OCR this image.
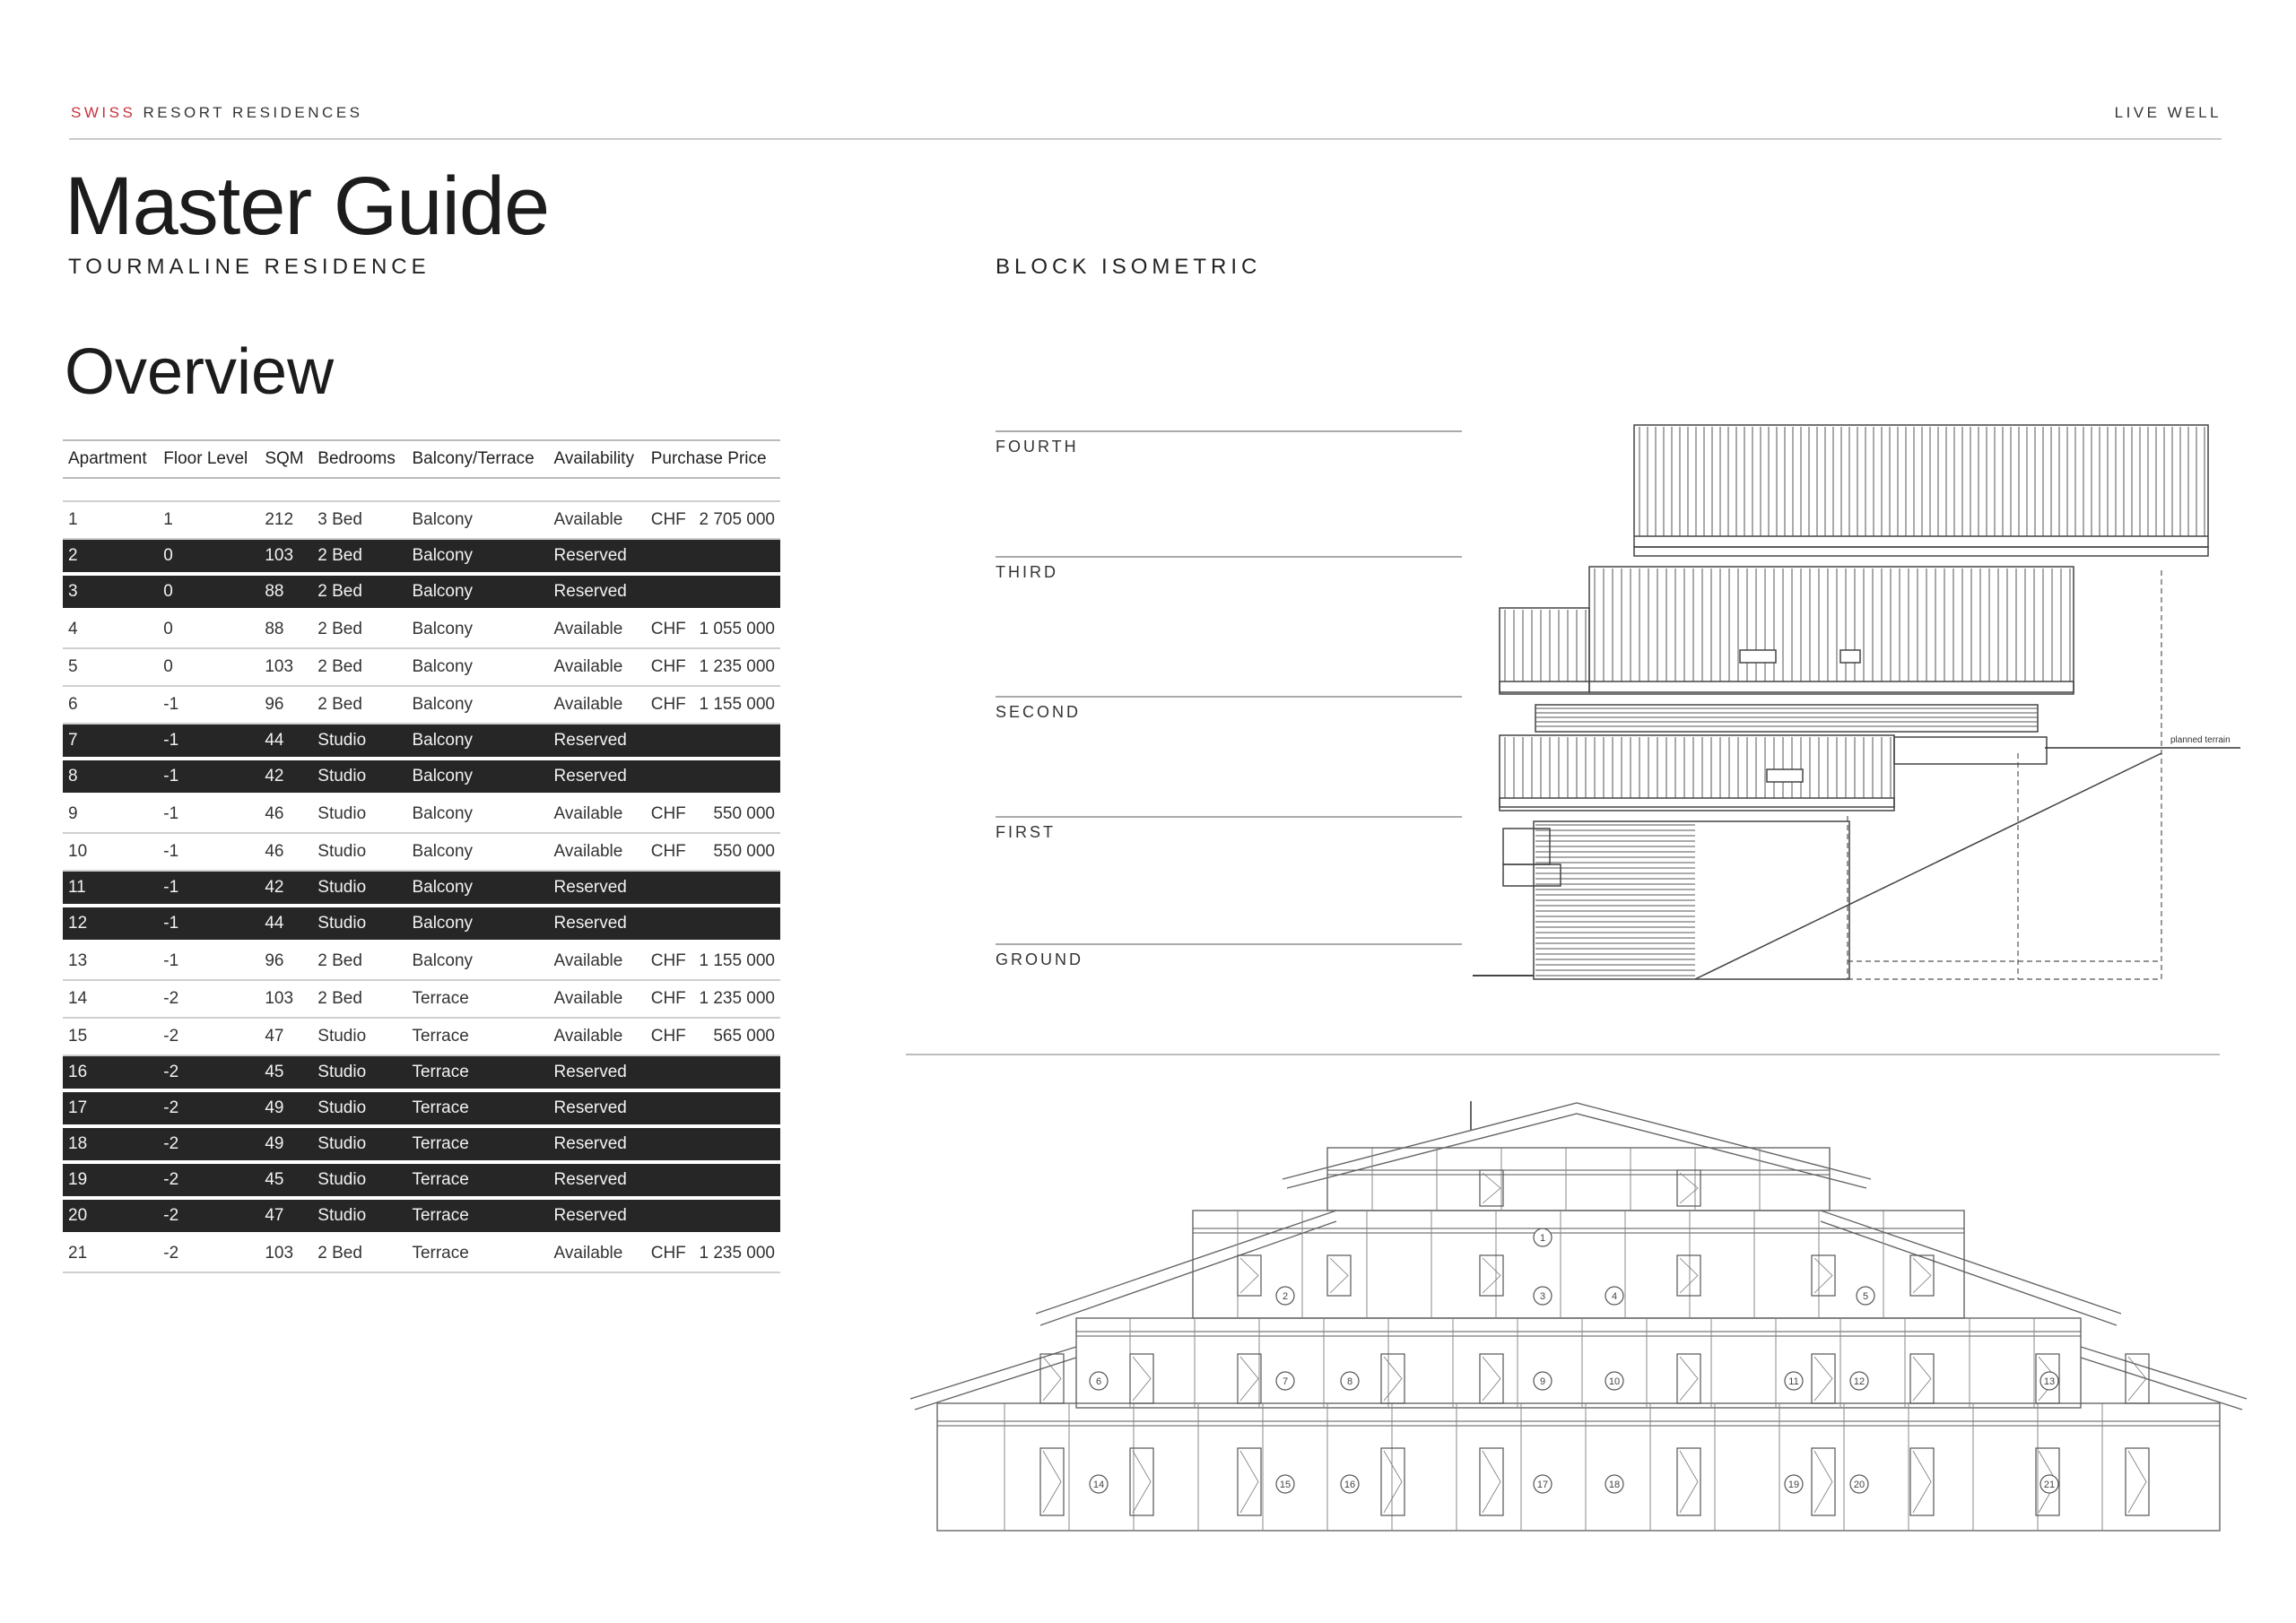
SWISS RESORT RESIDENCES	LIVE WELL
Master Guide
TOURMALINE RESIDENCE	BLOCK ISOMETRIC
Overview
Apartment	Floor Level	SQM	Bedrooms	Balcony/Terrace	Availability	Purchase Price

1	1	212	3 Bed	Balcony	Available	CHF 2 705 000

2	0	103	2 Bed	Balcony	Reserved	

3	0	88	2 Bed	Balcony	Reserved	

4	0	88	2 Bed	Balcony	Available	CHF 1 055 000

5	0	103	2 Bed	Balcony	Available	CHF 1 235 000

6	-1	96	2 Bed	Balcony	Available	CHF 1 155 000

7	-1	44	Studio	Balcony	Reserved	

8	-1	42	Studio	Balcony	Reserved	

9	-1	46	Studio	Balcony	Available	CHF 550 000

10	-1	46	Studio	Balcony	Available	CHF 550 000

11	-1	42	Studio	Balcony	Reserved	

12	-1	44	Studio	Balcony	Reserved	

13	-1	96	2 Bed	Balcony	Available	CHF 1 155 000

14	-2	103	2 Bed	Terrace	Available	CHF 1 235 000

15	-2	47	Studio	Terrace	Available	CHF 565 000

16	-2	45	Studio	Terrace	Reserved	

17	-2	49	Studio	Terrace	Reserved	

18	-2	49	Studio	Terrace	Reserved	

19	-2	45	Studio	Terrace	Reserved	

20	-2	47	Studio	Terrace	Reserved	

21	-2	103	2 Bed	Terrace	Available	CHF 1 235 000
FOURTH
THIRD
SECOND
FIRST
GROUND
planned terrain
1
2	3	4	5
6	7	8	9	10	11	12	13
14	15	16	17	18	19	20	21
